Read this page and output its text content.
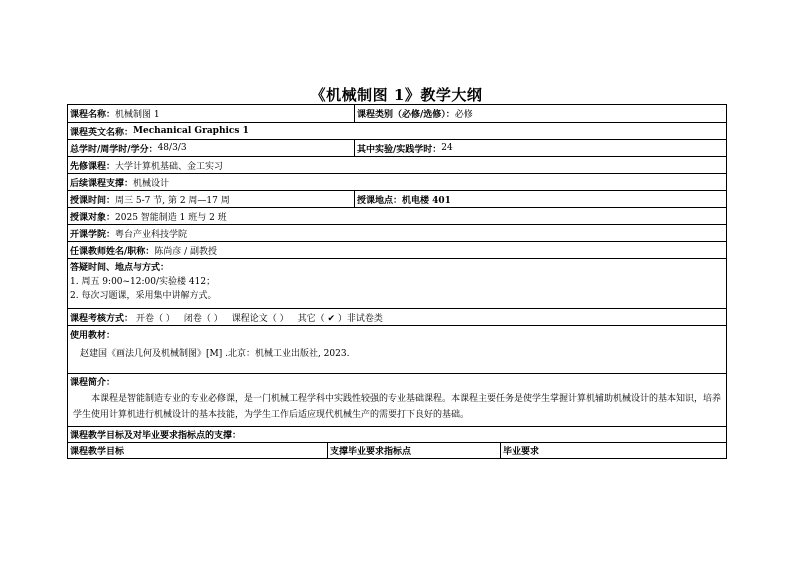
《机械制图 1》教学大纲
课程名称： 机械制图 1	课程类别（必修/选修）： 必修
课程英文名称： Mechanical Graphics 1
总学时/周学时/学分： 48/3/3	其中实验/实践学时： 24
先修课程： 大学计算机基础、金工实习
后续课程支撑： 机械设计
授课时间： 周三 5-7 节, 第 2 周—17 周	授课地点： 机电楼 401
授课对象： 2025 智能制造 1 班与 2 班
开课学院： 粤台产业科技学院
任课教师姓名/职称： 陈尚彦 / 副教授
答疑时间、地点与方式：
1. 周五 9:00~12:00/实验楼 412；
2. 每次习题课，采用集中讲解方式。
课程考核方式： 开卷（ ） 闭卷（ ） 课程论文（ ） 其它（ ✔ ）非试卷类
使用教材：
赵建国《画法几何及机械制图》[M] .北京：机械工业出版社, 2023.
课程简介：
本课程是智能制造专业的专业必修课，是一门机械工程学科中实践性较强的专业基础课程。本课程主要任务是使学生掌握计算机辅助机械设计的基本知识，培养学生使用计算机进行机械设计的基本技能，为学生工作后适应现代机械生产的需要打下良好的基础。
课程教学目标及对毕业要求指标点的支撑：
课程教学目标	支撑毕业要求指标点	毕业要求
